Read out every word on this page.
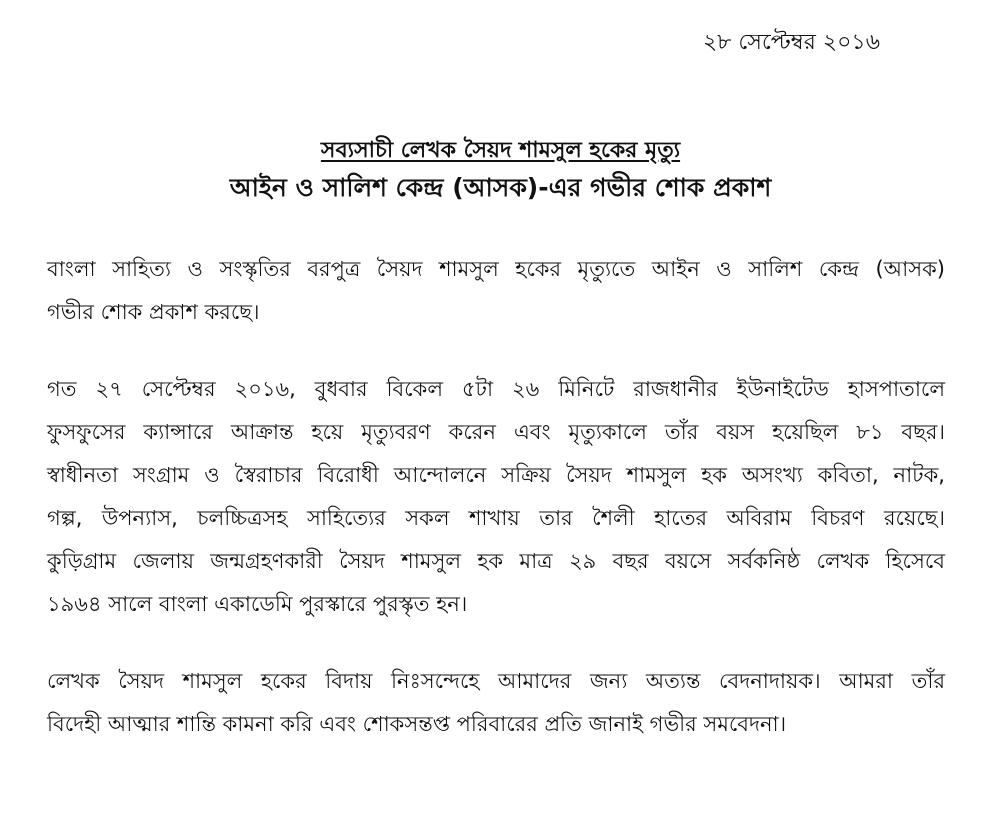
২৮ সেপ্টেম্বর ২০১৬
সব্যসাচী লেখক সৈয়দ শামসুল হকের মৃত্যু
আইন ও সালিশ কেন্দ্র (আসক)-এর গভীর শোক প্রকাশ
বাংলা সাহিত্য ও সংস্কৃতির বরপুত্র সৈয়দ শামসুল হকের মৃত্যুতে আইন ও সালিশ কেন্দ্র (আসক)
গভীর শোক প্রকাশ করছে।
গত ২৭ সেপ্টেম্বর ২০১৬, বুধবার বিকেল ৫টা ২৬ মিনিটে রাজধানীর ইউনাইটেড হাসপাতালে
ফুসফুসের ক্যান্সারে আক্রান্ত হয়ে মৃত্যুবরণ করেন এবং মৃত্যুকালে তাঁর বয়স হয়েছিল ৮১ বছর।
স্বাধীনতা সংগ্রাম ও স্বৈরাচার বিরোধী আন্দোলনে সক্রিয় সৈয়দ শামসুল হক অসংখ্য কবিতা, নাটক,
গল্প, উপন্যাস, চলচ্চিত্রসহ সাহিত্যের সকল শাখায় তার শৈলী হাতের অবিরাম বিচরণ রয়েছে।
কুড়িগ্রাম জেলায় জন্মগ্রহণকারী সৈয়দ শামসুল হক মাত্র ২৯ বছর বয়সে সর্বকনিষ্ঠ লেখক হিসেবে
১৯৬৪ সালে বাংলা একাডেমি পুরস্কারে পুরস্কৃত হন।
লেখক সৈয়দ শামসুল হকের বিদায় নিঃসন্দেহে আমাদের জন্য অত্যন্ত বেদনাদায়ক। আমরা তাঁর
বিদেহী আত্মার শান্তি কামনা করি এবং শোকসন্তপ্ত পরিবারের প্রতি জানাই গভীর সমবেদনা।
